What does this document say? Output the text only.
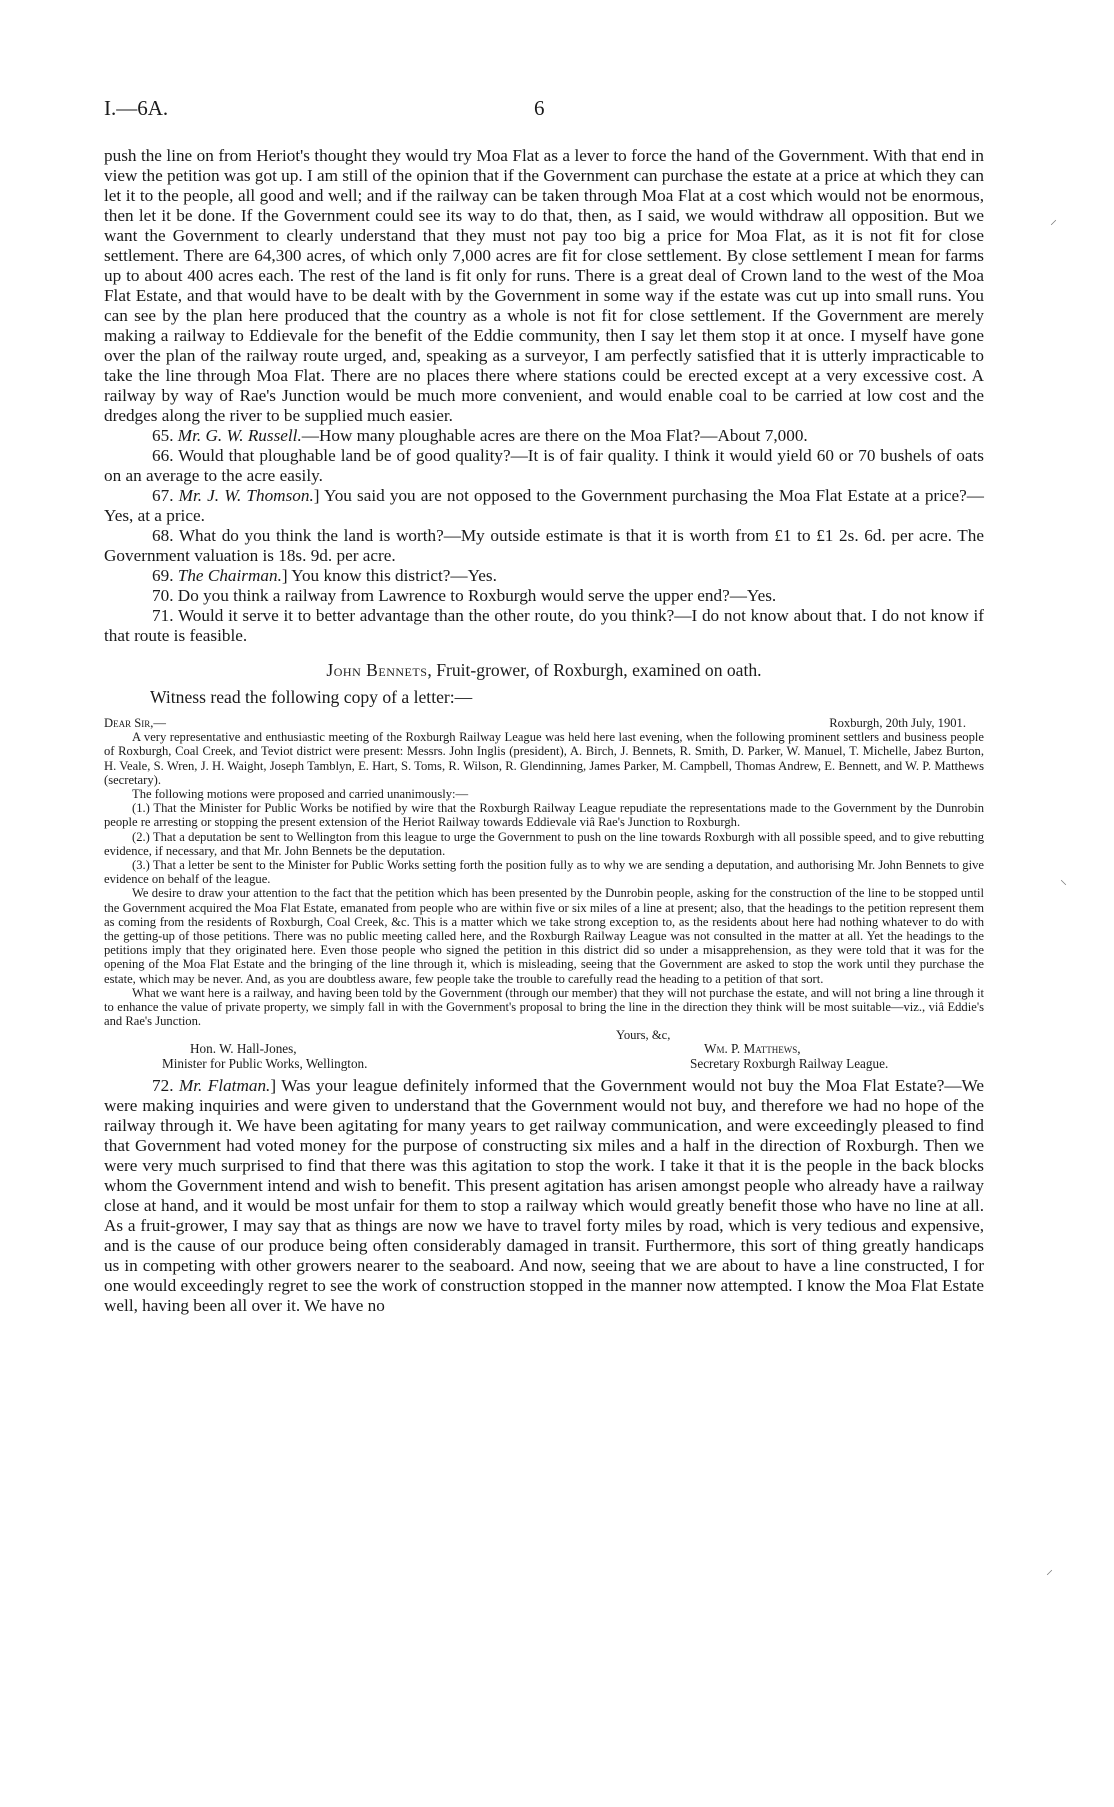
I.—6A.	6

push the line on from Heriot's thought they would try Moa Flat as a lever to force the hand of the Government. With that end in view the petition was got up. I am still of the opinion that if the Government can purchase the estate at a price at which they can let it to the people, all good and well; and if the railway can be taken through Moa Flat at a cost which would not be enormous, then let it be done. If the Government could see its way to do that, then, as I said, we would withdraw all opposition. But we want the Government to clearly understand that they must not pay too big a price for Moa Flat, as it is not fit for close settlement. There are 64,300 acres, of which only 7,000 acres are fit for close settlement. By close settlement I mean for farms up to about 400 acres each. The rest of the land is fit only for runs. There is a great deal of Crown land to the west of the Moa Flat Estate, and that would have to be dealt with by the Government in some way if the estate was cut up into small runs. You can see by the plan here produced that the country as a whole is not fit for close settlement. If the Government are merely making a railway to Eddievale for the benefit of the Eddie community, then I say let them stop it at once. I myself have gone over the plan of the railway route urged, and, speaking as a surveyor, I am perfectly satisfied that it is utterly impracticable to take the line through Moa Flat. There are no places there where stations could be erected except at a very excessive cost. A railway by way of Rae's Junction would be much more convenient, and would enable coal to be carried at low cost and the dredges along the river to be supplied much easier.

65. Mr. G. W. Russell.—How many ploughable acres are there on the Moa Flat?—About 7,000.

66. Would that ploughable land be of good quality?—It is of fair quality. I think it would yield 60 or 70 bushels of oats on an average to the acre easily.

67. Mr. J. W. Thomson.] You said you are not opposed to the Government purchasing the Moa Flat Estate at a price?—Yes, at a price.

68. What do you think the land is worth?—My outside estimate is that it is worth from £1 to £1 2s. 6d. per acre. The Government valuation is 18s. 9d. per acre.

69. The Chairman.] You know this district?—Yes.

70. Do you think a railway from Lawrence to Roxburgh would serve the upper end?—Yes.

71. Would it serve it to better advantage than the other route, do you think?—I do not know about that. I do not know if that route is feasible.

John Bennets, Fruit-grower, of Roxburgh, examined on oath.
Witness read the following copy of a letter:—
Dear Sir,—	Roxburgh, 20th July, 1901.

A very representative and enthusiastic meeting of the Roxburgh Railway League was held here last evening, when the following prominent settlers and business people of Roxburgh, Coal Creek, and Teviot district were present: Messrs. John Inglis (president), A. Birch, J. Bennets, R. Smith, D. Parker, W. Manuel, T. Michelle, Jabez Burton, H. Veale, S. Wren, J. H. Waight, Joseph Tamblyn, E. Hart, S. Toms, R. Wilson, R. Glendinning, James Parker, M. Campbell, Thomas Andrew, E. Bennett, and W. P. Matthews (secretary).

The following motions were proposed and carried unanimously:—

(1.) That the Minister for Public Works be notified by wire that the Roxburgh Railway League repudiate the representations made to the Government by the Dunrobin people re arresting or stopping the present extension of the Heriot Railway towards Eddievale viâ Rae's Junction to Roxburgh.

(2.) That a deputation be sent to Wellington from this league to urge the Government to push on the line towards Roxburgh with all possible speed, and to give rebutting evidence, if necessary, and that Mr. John Bennets be the deputation.

(3.) That a letter be sent to the Minister for Public Works setting forth the position fully as to why we are sending a deputation, and authorising Mr. John Bennets to give evidence on behalf of the league.

We desire to draw your attention to the fact that the petition which has been presented by the Dunrobin people, asking for the construction of the line to be stopped until the Government acquired the Moa Flat Estate, emanated from people who are within five or six miles of a line at present; also, that the headings to the petition represent them as coming from the residents of Roxburgh, Coal Creek, &c. This is a matter which we take strong exception to, as the residents about here had nothing whatever to do with the getting-up of those petitions. There was no public meeting called here, and the Roxburgh Railway League was not consulted in the matter at all. Yet the headings to the petitions imply that they originated here. Even those people who signed the petition in this district did so under a misapprehension, as they were told that it was for the opening of the Moa Flat Estate and the bringing of the line through it, which is misleading, seeing that the Government are asked to stop the work until they purchase the estate, which may be never. And, as you are doubtless aware, few people take the trouble to carefully read the heading to a petition of that sort.

What we want here is a railway, and having been told by the Government (through our member) that they will not purchase the estate, and will not bring a line through it to enhance the value of private property, we simply fall in with the Government's proposal to bring the line in the direction they think will be most suitable—viz., viâ Eddie's and Rae's Junction.

Yours, &c,
Hon. W. Hall-Jones,
Minister for Public Works, Wellington.
Wm. P. Matthews,
Secretary Roxburgh Railway League.

72. Mr. Flatman.] Was your league definitely informed that the Government would not buy the Moa Flat Estate?—We were making inquiries and were given to understand that the Government would not buy, and therefore we had no hope of the railway through it. We have been agitating for many years to get railway communication, and were exceedingly pleased to find that Government had voted money for the purpose of constructing six miles and a half in the direction of Roxburgh. Then we were very much surprised to find that there was this agitation to stop the work. I take it that it is the people in the back blocks whom the Government intend and wish to benefit. This present agitation has arisen amongst people who already have a railway close at hand, and it would be most unfair for them to stop a railway which would greatly benefit those who have no line at all. As a fruit-grower, I may say that as things are now we have to travel forty miles by road, which is very tedious and expensive, and is the cause of our produce being often considerably damaged in transit. Furthermore, this sort of thing greatly handicaps us in competing with other growers nearer to the seaboard. And now, seeing that we are about to have a line constructed, I for one would exceedingly regret to see the work of construction stopped in the manner now attempted. I know the Moa Flat Estate well, having been all over it. We have no

⸝
⸜
⸝
